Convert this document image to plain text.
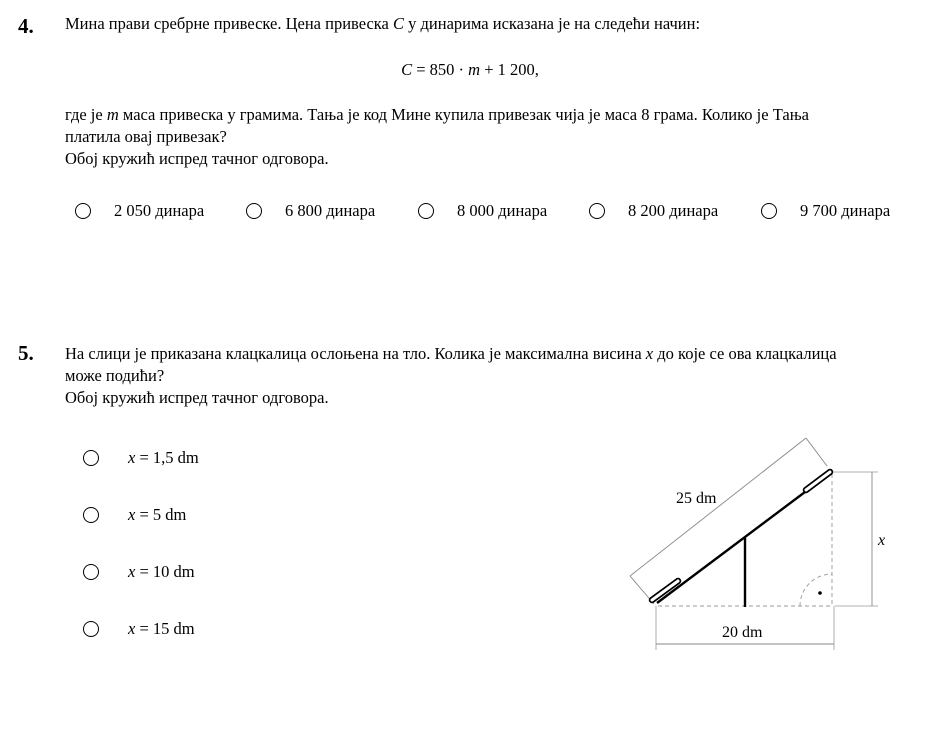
4. Мина прави сребрне привеске. Цена привеска C у динарима исказана је на следећи начин:
C = 850 · m + 1 200,
где је m маса привеска у грамима. Тања је код Мине купила привезак чија је маса 8 грама. Колико је Тања
платила овај привезак?
Обој кружић испред тачног одговора.
2 050 динара	6 800 динара	8 000 динара	8 200 динара	9 700 динара
5. На слици је приказана клацкалица ослоњена на тло. Колика је максимална висина x до које се ова клацкалица
може подићи?
Обој кружић испред тачног одговора.
x = 1,5 dm
x = 5 dm
x = 10 dm
x = 15 dm
25 dm
20 dm
x
